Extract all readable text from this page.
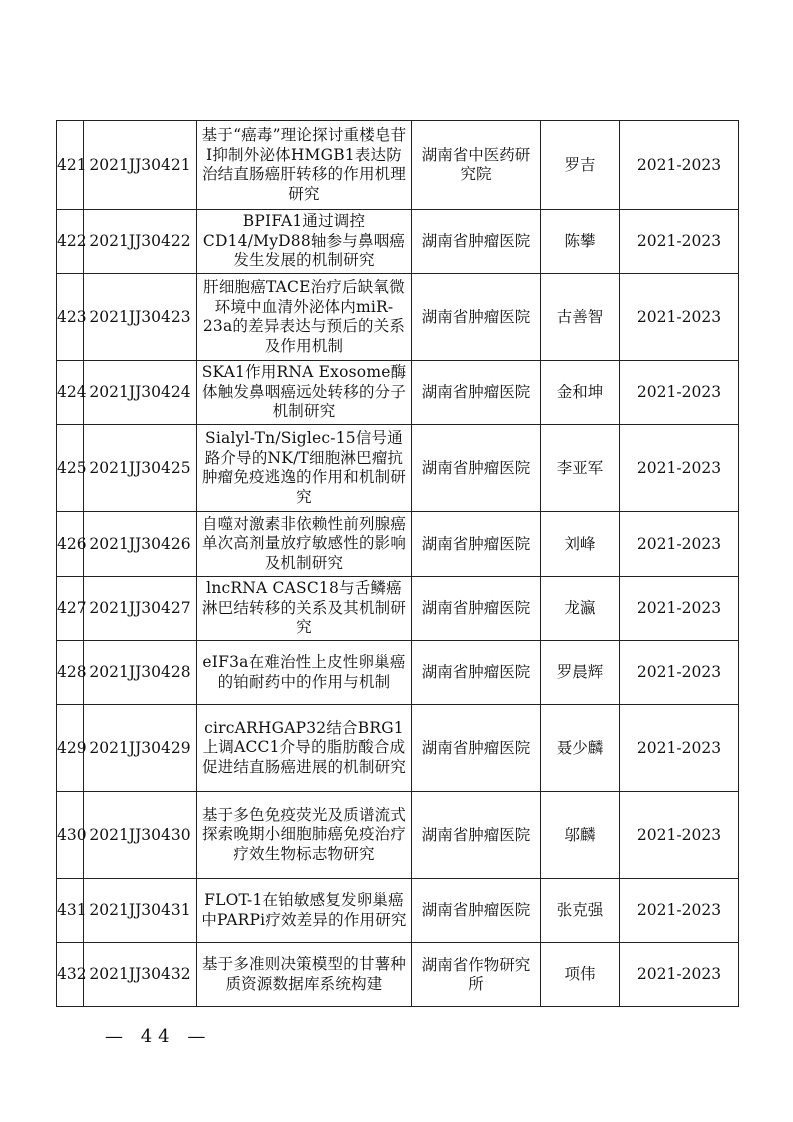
421	2021JJ30421	基于“癌毒”理论探讨重楼皂苷I抑制外泌体HMGB1表达防治结直肠癌肝转移的作用机理研究	湖南省中医药研究院	罗吉	2021-2023
422	2021JJ30422	BPIFA1通过调控CD14/MyD88轴参与鼻咽癌发生发展的机制研究	湖南省肿瘤医院	陈攀	2021-2023
423	2021JJ30423	肝细胞癌TACE治疗后缺氧微环境中血清外泌体内miR-23a的差异表达与预后的关系及作用机制	湖南省肿瘤医院	古善智	2021-2023
424	2021JJ30424	SKA1作用RNA Exosome酶体触发鼻咽癌远处转移的分子机制研究	湖南省肿瘤医院	金和坤	2021-2023
425	2021JJ30425	Sialyl-Tn/Siglec-15信号通路介导的NK/T细胞淋巴瘤抗肿瘤免疫逃逸的作用和机制研究	湖南省肿瘤医院	李亚军	2021-2023
426	2021JJ30426	自噬对激素非依赖性前列腺癌单次高剂量放疗敏感性的影响及机制研究	湖南省肿瘤医院	刘峰	2021-2023
427	2021JJ30427	lncRNA CASC18与舌鳞癌淋巴结转移的关系及其机制研究	湖南省肿瘤医院	龙瀛	2021-2023
428	2021JJ30428	eIF3a在难治性上皮性卵巢癌的铂耐药中的作用与机制	湖南省肿瘤医院	罗晨辉	2021-2023
429	2021JJ30429	circARHGAP32结合BRG1上调ACC1介导的脂肪酸合成促进结直肠癌进展的机制研究	湖南省肿瘤医院	聂少麟	2021-2023
430	2021JJ30430	基于多色免疫荧光及质谱流式探索晚期小细胞肺癌免疫治疗疗效生物标志物研究	湖南省肿瘤医院	邬麟	2021-2023
431	2021JJ30431	FLOT-1在铂敏感复发卵巢癌中PARPi疗效差异的作用研究	湖南省肿瘤医院	张克强	2021-2023
432	2021JJ30432	基于多准则决策模型的甘薯种质资源数据库系统构建	湖南省作物研究所	项伟	2021-2023
— 44 —
